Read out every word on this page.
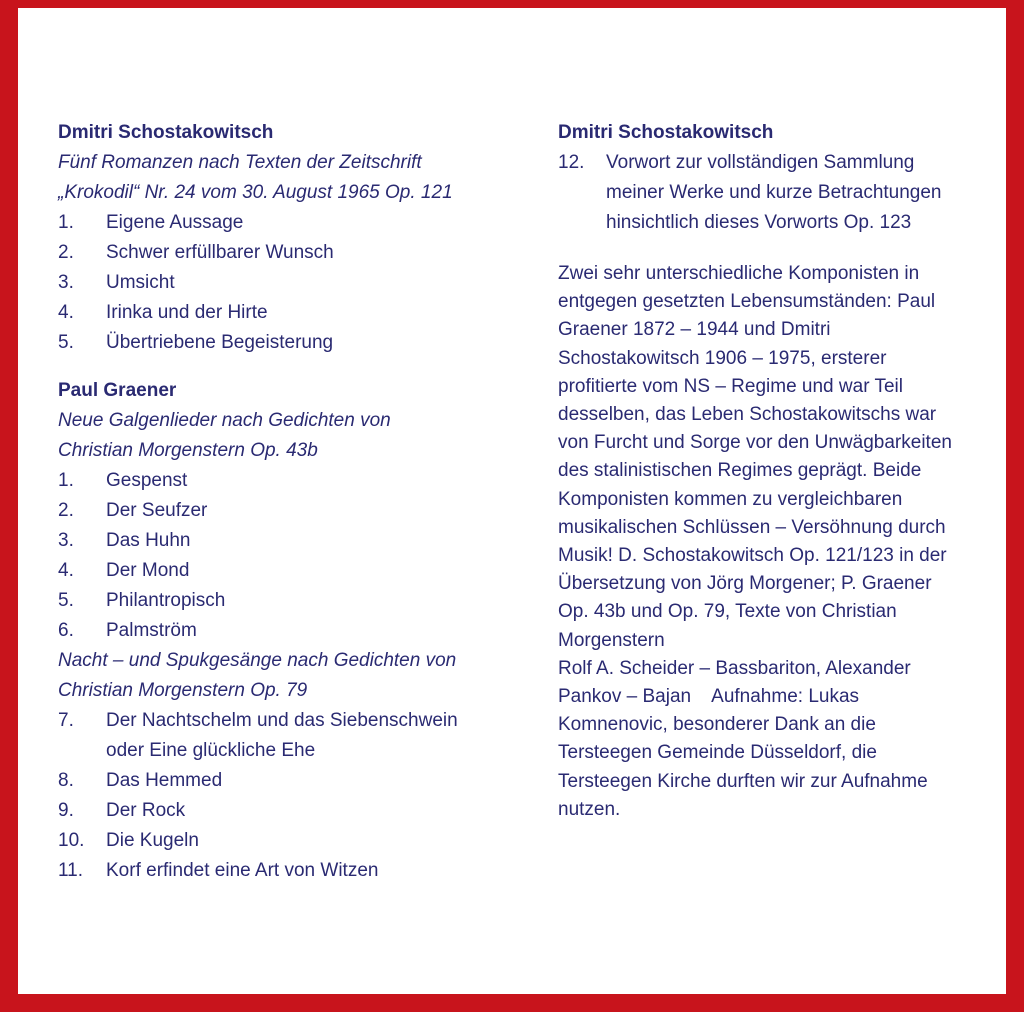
Dmitri Schostakowitsch
Fünf Romanzen nach Texten der Zeitschrift
„Krokodil“ Nr. 24 vom 30. August 1965 Op. 121
1.	Eigene Aussage
2.	Schwer erfüllbarer Wunsch
3.	Umsicht
4.	Irinka und der Hirte
5.	Übertriebene Begeisterung
Paul Graener
Neue Galgenlieder nach Gedichten von
Christian Morgenstern Op. 43b
1.	Gespenst
2.	Der Seufzer
3.	Das Huhn
4.	Der Mond
5.	Philantropisch
6.	Palmström
Nacht – und Spukgesänge nach Gedichten von
Christian Morgenstern Op. 79
7.	Der Nachtschelm und das Siebenschwein
oder Eine glückliche Ehe
8.	Das Hemmed
9.	Der Rock
10.	Die Kugeln
11.	Korf erfindet eine Art von Witzen
Dmitri Schostakowitsch
12.	Vorwort zur vollständigen Sammlung
meiner Werke und kurze Betrachtungen
hinsichtlich dieses Vorworts Op. 123
Zwei sehr unterschiedliche Komponisten in
entgegen gesetzten Lebensumständen: Paul
Graener 1872 – 1944 und Dmitri
Schostakowitsch 1906 – 1975, ersterer
profitierte vom NS – Regime und war Teil
desselben, das Leben Schostakowitschs war
von Furcht und Sorge vor den Unwägbarkeiten
des stalinistischen Regimes geprägt. Beide
Komponisten kommen zu vergleichbaren
musikalischen Schlüssen – Versöhnung durch
Musik! D. Schostakowitsch Op. 121/123 in der
Übersetzung von Jörg Morgener; P. Graener
Op. 43b und Op. 79, Texte von Christian
Morgenstern
Rolf A. Scheider – Bassbariton, Alexander
Pankov – Bajan    Aufnahme: Lukas
Komnenovic, besonderer Dank an die
Tersteegen Gemeinde Düsseldorf, die
Tersteegen Kirche durften wir zur Aufnahme
nutzen.
